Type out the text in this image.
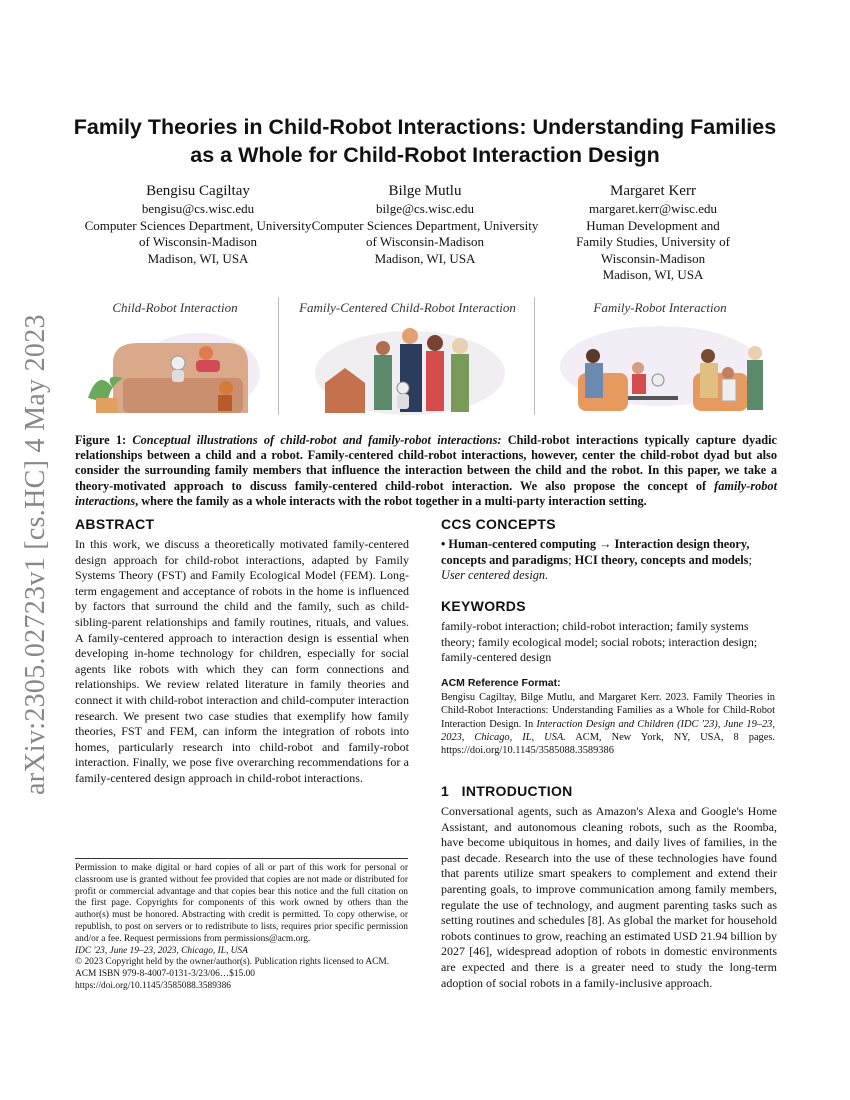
arXiv:2305.02723v1 [cs.HC] 4 May 2023
Family Theories in Child-Robot Interactions: Understanding Families as a Whole for Child-Robot Interaction Design
Bengisu Cagiltay
bengisu@cs.wisc.edu
Computer Sciences Department, University of Wisconsin-Madison
Madison, WI, USA
Bilge Mutlu
bilge@cs.wisc.edu
Computer Sciences Department, University of Wisconsin-Madison
Madison, WI, USA
Margaret Kerr
margaret.kerr@wisc.edu
Human Development and Family Studies, University of Wisconsin-Madison
Madison, WI, USA
Child-Robot Interaction	Family-Centered Child-Robot Interaction	Family-Robot Interaction

Figure 1: Conceptual illustrations of child-robot and family-robot interactions: Child-robot interactions typically capture dyadic relationships between a child and a robot. Family-centered child-robot interactions, however, center the child-robot dyad but also consider the surrounding family members that influence the interaction between the child and the robot. In this paper, we take a theory-motivated approach to discuss family-centered child-robot interaction. We also propose the concept of family-robot interactions, where the family as a whole interacts with the robot together in a multi-party interaction setting.

ABSTRACT

In this work, we discuss a theoretically motivated family-centered design approach for child-robot interactions, adapted by Family Systems Theory (FST) and Family Ecological Model (FEM). Long-term engagement and acceptance of robots in the home is influenced by factors that surround the child and the family, such as child-sibling-parent relationships and family routines, rituals, and values. A family-centered approach to interaction design is essential when developing in-home technology for children, especially for social agents like robots with which they can form connections and relationships. We review related literature in family theories and connect it with child-robot interaction and child-computer interaction research. We present two case studies that exemplify how family theories, FST and FEM, can inform the integration of robots into homes, particularly research into child-robot and family-robot interaction. Finally, we pose five overarching recommendations for a family-centered design approach in child-robot interactions.

Permission to make digital or hard copies of all or part of this work for personal or classroom use is granted without fee provided that copies are not made or distributed for profit or commercial advantage and that copies bear this notice and the full citation on the first page. Copyrights for components of this work owned by others than the author(s) must be honored. Abstracting with credit is permitted. To copy otherwise, or republish, to post on servers or to redistribute to lists, requires prior specific permission and/or a fee. Request permissions from permissions@acm.org.
IDC '23, June 19–23, 2023, Chicago, IL, USA
© 2023 Copyright held by the owner/author(s). Publication rights licensed to ACM.
ACM ISBN 979-8-4007-0131-3/23/06…$15.00
https://doi.org/10.1145/3585088.3589386
CCS CONCEPTS

• Human-centered computing → Interaction design theory, concepts and paradigms; HCI theory, concepts and models; User centered design.

KEYWORDS

family-robot interaction; child-robot interaction; family systems theory; family ecological model; social robots; interaction design; family-centered design

ACM Reference Format:

Bengisu Cagiltay, Bilge Mutlu, and Margaret Kerr. 2023. Family Theories in Child-Robot Interactions: Understanding Families as a Whole for Child-Robot Interaction Design. In Interaction Design and Children (IDC '23), June 19–23, 2023, Chicago, IL, USA. ACM, New York, NY, USA, 8 pages. https://doi.org/10.1145/3585088.3589386

1   INTRODUCTION

Conversational agents, such as Amazon's Alexa and Google's Home Assistant, and autonomous cleaning robots, such as the Roomba, have become ubiquitous in homes, and daily lives of families, in the past decade. Research into the use of these technologies have found that parents utilize smart speakers to complement and extend their parenting goals, to improve communication among family members, regulate the use of technology, and augment parenting tasks such as setting routines and schedules [8]. As global the market for household robots continues to grow, reaching an estimated USD 21.94 billion by 2027 [46], widespread adoption of robots in domestic environments are expected and there is a greater need to study the long-term adoption of social robots in a family-inclusive approach.
